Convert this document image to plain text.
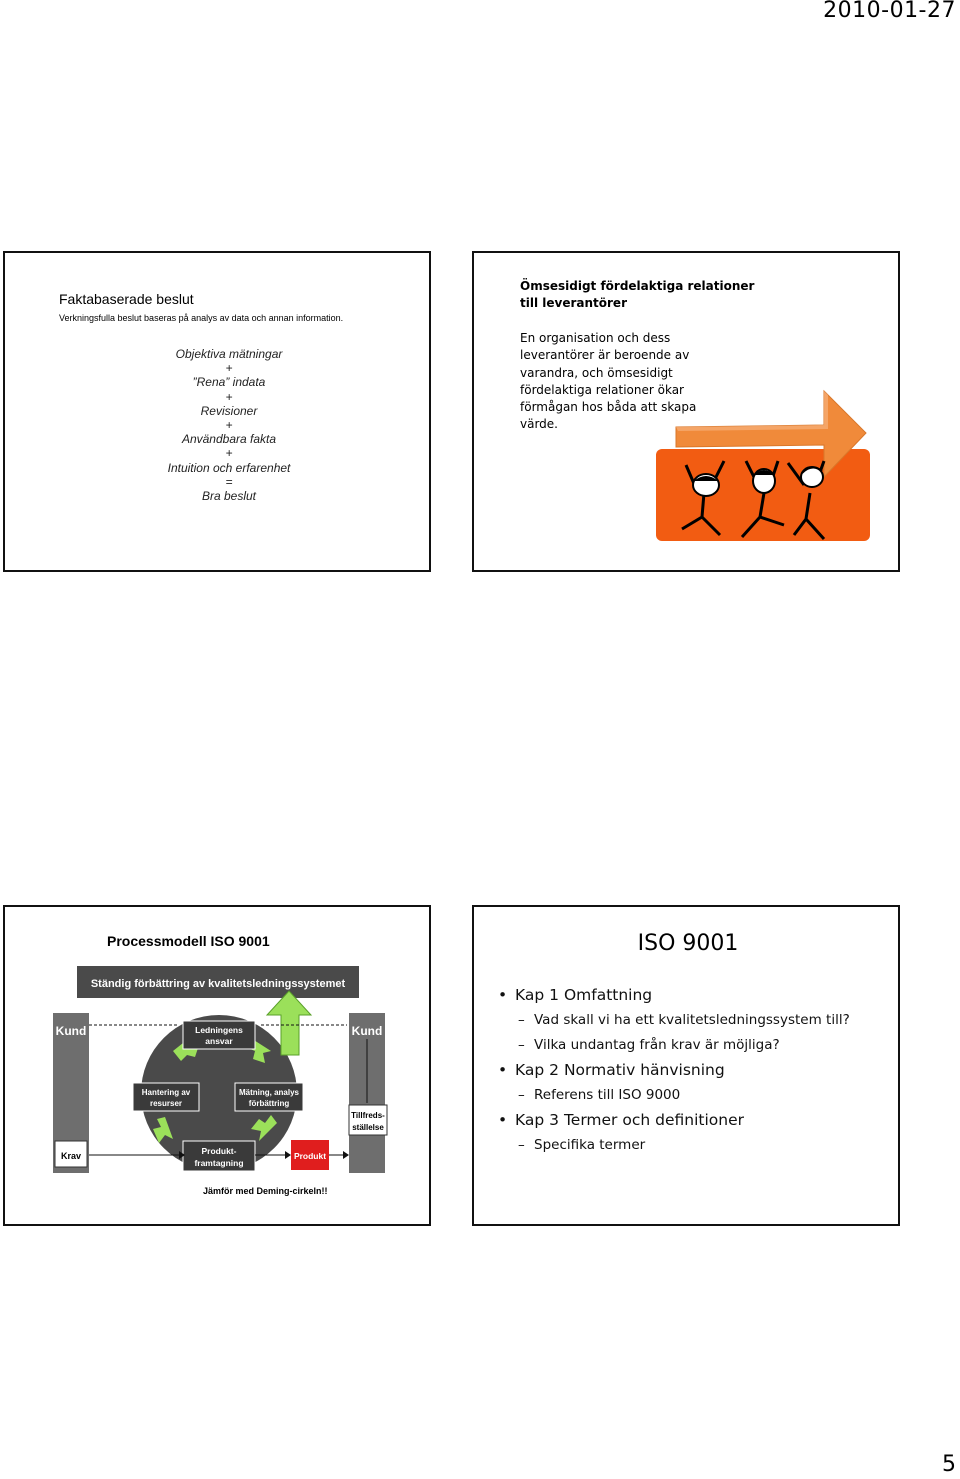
2010-01-27
Faktabaserade beslut
Verkningsfulla beslut baseras på analys av data och annan information.
Objektiva mätningar
+
”Rena” indata
+
Revisioner
+
Användbara fakta
+
Intuition och erfarenhet
=
Bra beslut
Ömsesidigt fördelaktiga relationer till leverantörer
En organisation och dess leverantörer är beroende av varandra, och ömsesidigt fördelaktiga relationer ökar förmågan hos båda att skapa värde.
Processmodell ISO 9001
Ständig förbättring av kvalitetsledningssystemet
Kund	Kund
Krav
Tillfreds-
ställelse
Ledningens
ansvar
Hantering av
resurser
Mätning, analys
förbättring
Produkt-
framtagning
Produkt
Jämför med Deming-cirkeln!!
ISO 9001
• Kap 1 Omfattning
– Vad skall vi ha ett kvalitetsledningssystem till?
– Vilka undantag från krav är möjliga?
• Kap 2 Normativ hänvisning
– Referens till ISO 9000
• Kap 3 Termer och definitioner
– Specifika termer
5
